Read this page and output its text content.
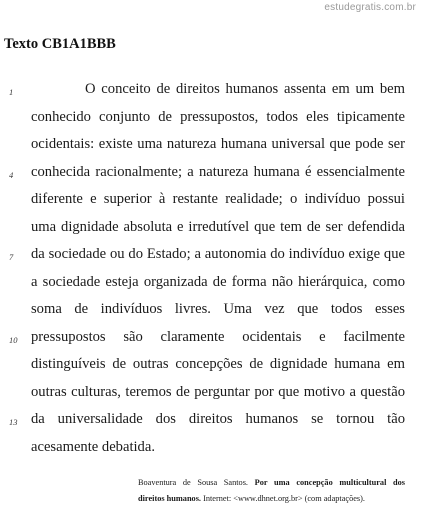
estudegratis.com.br
Texto CB1A1BBB
1	O conceito de direitos humanos assenta em um bem
conhecido conjunto de pressupostos, todos eles tipicamente
ocidentais: existe uma natureza humana universal que pode ser
4 conhecida racionalmente; a natureza humana é essencialmente
diferente e superior à restante realidade; o indivíduo possui
uma dignidade absoluta e irredutível que tem de ser defendida
7 da sociedade ou do Estado; a autonomia do indivíduo exige que
a sociedade esteja organizada de forma não hierárquica, como
soma de indivíduos livres. Uma vez que todos esses
10 pressupostos são claramente ocidentais e facilmente
distinguíveis de outras concepções de dignidade humana em
outras culturas, teremos de perguntar por que motivo a questão
13 da universalidade dos direitos humanos se tornou tão
acesamente debatida.
Boaventura de Sousa Santos. Por uma concepção multicultural dos
direitos humanos. Internet: <www.dhnet.org.br> (com adaptações).
